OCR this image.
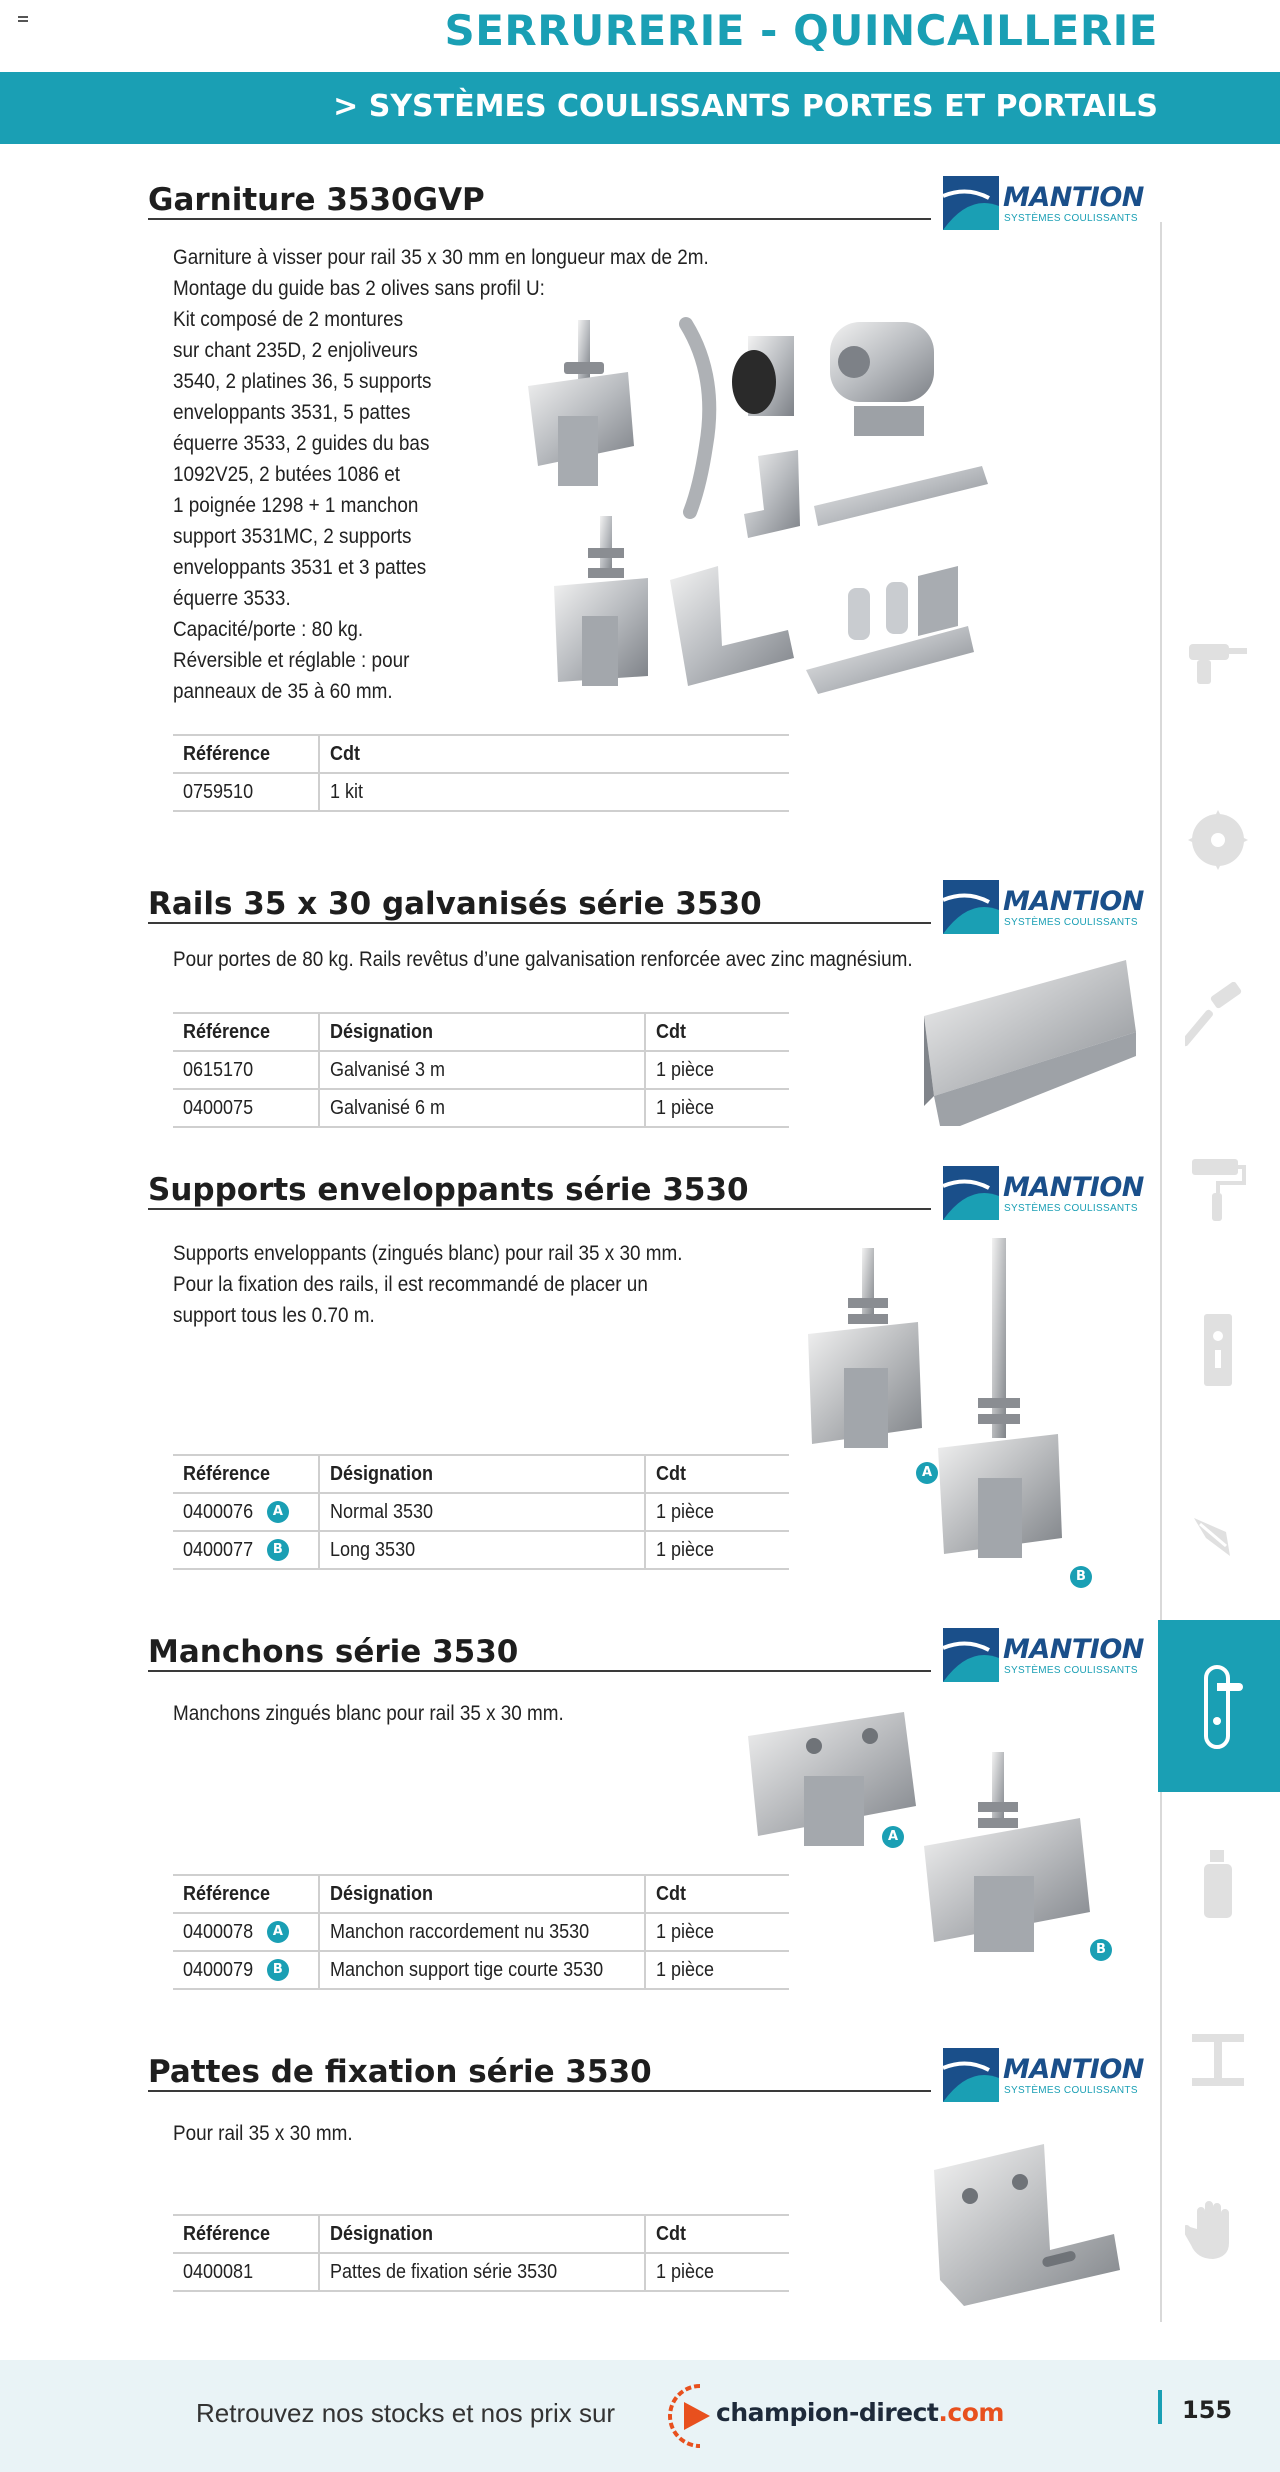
SERRURERIE - QUINCAILLERIE
> SYSTÈMES COULISSANTS PORTES ET PORTAILS
Garniture 3530GVP	MANTION
SYSTÈMES COULISSANTS
Garniture à visser pour rail 35 x 30 mm en longueur max de 2m.
Montage du guide bas 2 olives sans profil U:
Kit composé de 2 montures
sur chant 235D, 2 enjoliveurs
3540, 2 platines 36, 5 supports
enveloppants 3531, 5 pattes
équerre 3533, 2 guides du bas
1092V25, 2 butées 1086 et
1 poignée 1298 + 1 manchon
support 3531MC, 2 supports
enveloppants 3531 et 3 pattes
équerre 3533.
Capacité/porte : 80 kg.
Réversible et réglable : pour
panneaux de 35 à 60 mm.
Référence	Cdt
0759510	1 kit
Rails 35 x 30 galvanisés série 3530	MANTION
SYSTÈMES COULISSANTS
Pour portes de 80 kg. Rails revêtus d’une galvanisation renforcée avec zinc magnésium.
Référence	Désignation	Cdt
0615170	Galvanisé 3 m	1 pièce
0400075	Galvanisé 6 m	1 pièce
Supports enveloppants série 3530	MANTION
SYSTÈMES COULISSANTS
Supports enveloppants (zingués blanc) pour rail 35 x 30 mm.
Pour la fixation des rails, il est recommandé de placer un
support tous les 0.70 m.
A
B
Référence	Désignation	Cdt
0400076 A	Normal 3530	1 pièce
0400077 B	Long 3530	1 pièce
Manchons série 3530	MANTION
SYSTÈMES COULISSANTS
Manchons zingués blanc pour rail 35 x 30 mm.
A
B
Référence	Désignation	Cdt
0400078 A	Manchon raccordement nu 3530	1 pièce
0400079 B	Manchon support tige courte 3530	1 pièce
Pattes de fixation série 3530	MANTION
SYSTÈMES COULISSANTS
Pour rail 35 x 30 mm.
Référence	Désignation	Cdt
0400081	Pattes de fixation série 3530	1 pièce
Retrouvez nos stocks et nos prix sur	champion-direct.com	155
